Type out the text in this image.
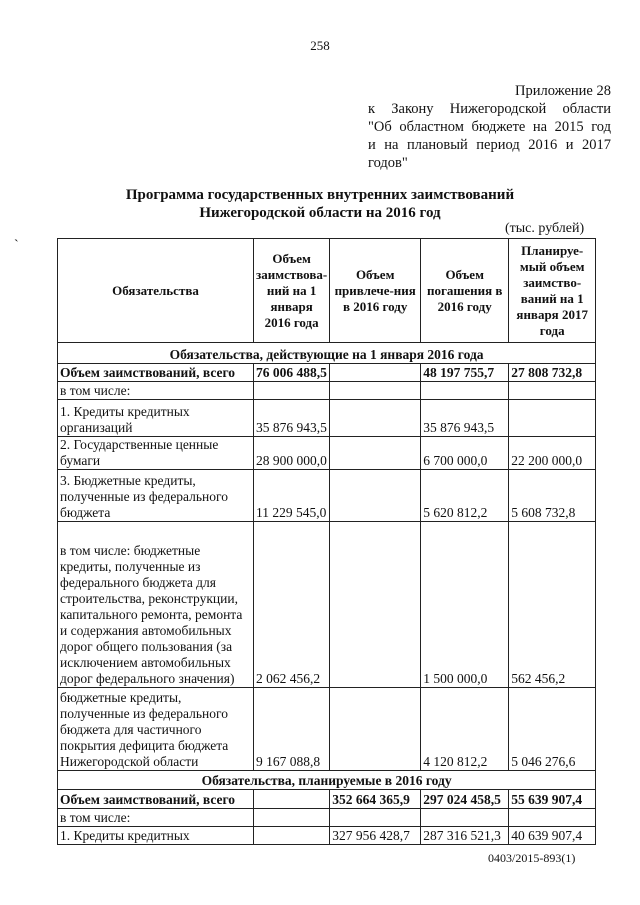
258
`
Приложение 28
к Закону Нижегородской области
"Об областном бюджете на 2015 год
и на плановый период 2016 и 2017
годов"
Программа государственных внутренних заимствований
Нижегородской области на 2016 год
(тыс. рублей)
Обязательства	Объем заимствова-ний на 1 января 2016 года	Объем привлече-ния в 2016 году	Объем погашения в 2016 году	Планируе-мый объем заимство-ваний на 1 января 2017 года
Обязательства, действующие на 1 января 2016 года				
Объем заимствований, всего	76 006 488,5		48 197 755,7	27 808 732,8
в том числе:				
1. Кредиты кредитных организаций	35 876 943,5		35 876 943,5	
2. Государственные ценные бумаги	28 900 000,0		6 700 000,0	22 200 000,0
3. Бюджетные кредиты, полученные из федерального бюджета	11 229 545,0		5 620 812,2	5 608 732,8
в том числе: бюджетные кредиты, полученные из федерального бюджета для строительства, реконструкции, капитального ремонта, ремонта и содержания автомобильных дорог общего пользования (за исключением автомобильных дорог федерального значения)	2 062 456,2		1 500 000,0	562 456,2
бюджетные кредиты, полученные из федерального бюджета для частичного покрытия дефицита бюджета Нижегородской области	9 167 088,8		4 120 812,2	5 046 276,6
Обязательства, планируемые в 2016 году				
Объем заимствований, всего		352 664 365,9	297 024 458,5	55 639 907,4
в том числе:				
1. Кредиты кредитных		327 956 428,7	287 316 521,3	40 639 907,4
0403/2015-893(1)
